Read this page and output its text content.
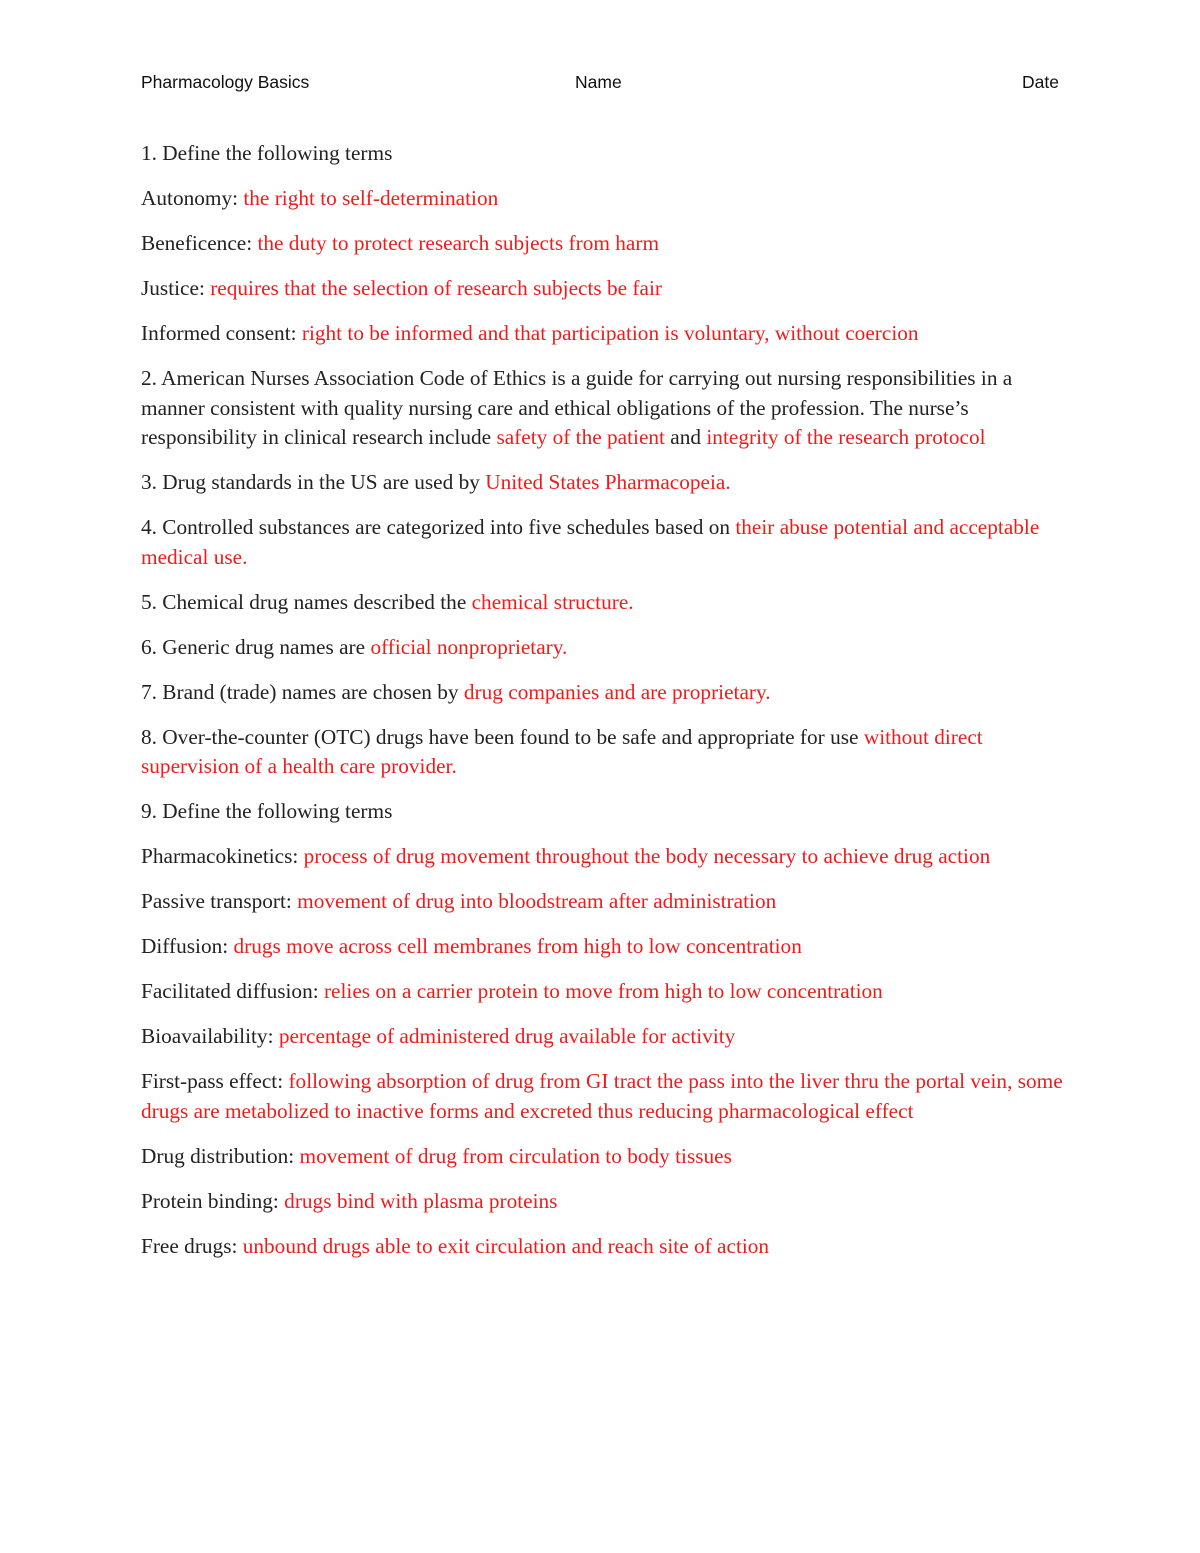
Pharmacology Basics	Name	Date

1. Define the following terms

Autonomy: the right to self-determination

Beneficence: the duty to protect research subjects from harm

Justice: requires that the selection of research subjects be fair

Informed consent: right to be informed and that participation is voluntary, without coercion

2. American Nurses Association Code of Ethics is a guide for carrying out nursing responsibilities in a manner consistent with quality nursing care and ethical obligations of the profession. The nurse’s responsibility in clinical research include safety of the patient and integrity of the research protocol

3. Drug standards in the US are used by United States Pharmacopeia.

4. Controlled substances are categorized into five schedules based on their abuse potential and acceptable medical use.

5. Chemical drug names described the chemical structure.

6. Generic drug names are official nonproprietary.

7. Brand (trade) names are chosen by drug companies and are proprietary.

8. Over-the-counter (OTC) drugs have been found to be safe and appropriate for use without direct supervision of a health care provider.

9. Define the following terms

Pharmacokinetics: process of drug movement throughout the body necessary to achieve drug action

Passive transport: movement of drug into bloodstream after administration

Diffusion: drugs move across cell membranes from high to low concentration

Facilitated diffusion: relies on a carrier protein to move from high to low concentration

Bioavailability: percentage of administered drug available for activity

First-pass effect: following absorption of drug from GI tract the pass into the liver thru the portal vein, some drugs are metabolized to inactive forms and excreted thus reducing pharmacological effect

Drug distribution: movement of drug from circulation to body tissues

Protein binding: drugs bind with plasma proteins

Free drugs: unbound drugs able to exit circulation and reach site of action
